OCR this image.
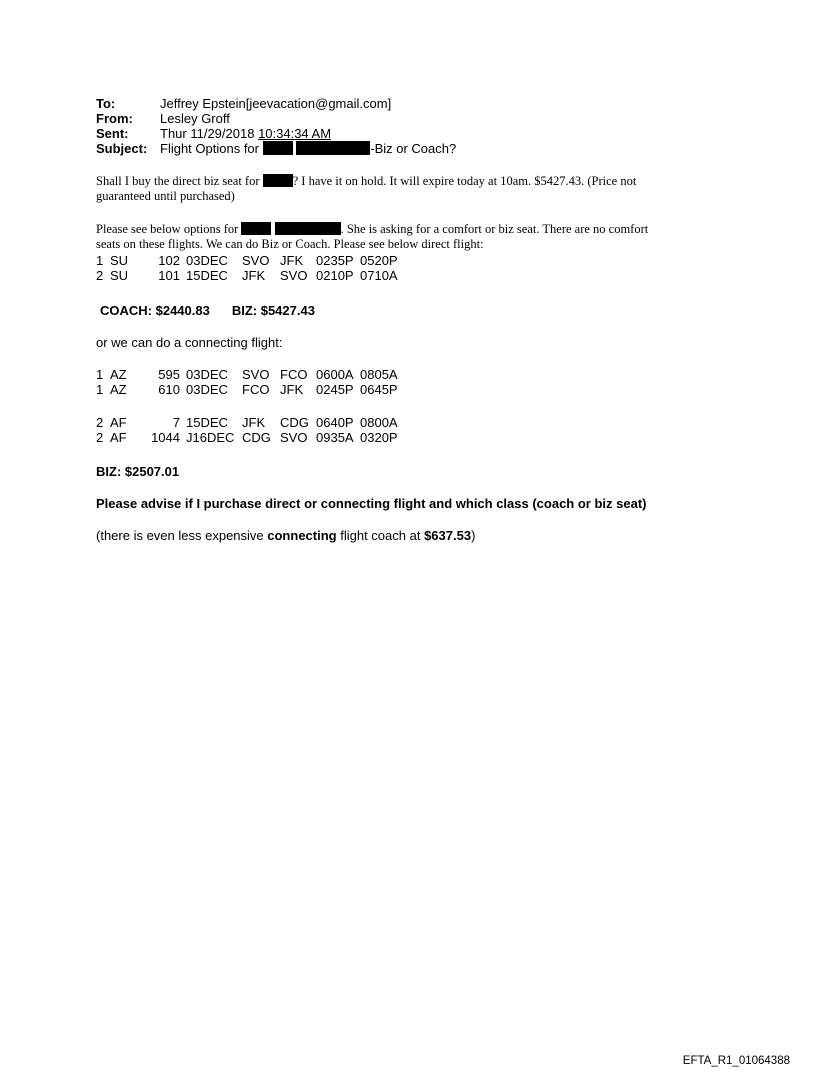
To:	Jeffrey Epstein[jeevacation@gmail.com]
From:	Lesley Groff
Sent:	Thur 11/29/2018 10:34:34 AM
Subject:	Flight Options for -Biz or Coach?
Shall I buy the direct biz seat for	? I have it on hold. It will expire today at 10am. $5427.43. (Price not
guaranteed until purchased)
Please see below options for	. She is asking for a comfort or biz seat. There are no comfort
seats on these flights. We can do Biz or Coach. Please see below direct flight:
1 SU 102 03DEC SVO JFK 0235P 0520P
2 SU 101 15DEC JFK SVO 0210P 0710A
COACH: $2440.83 BIZ: $5427.43
or we can do a connecting flight:
1 AZ 595 03DEC SVO FCO 0600A 0805A
1 AZ 610 03DEC FCO JFK 0245P 0645P
2 AF	7 15DEC JFK CDG 0640P 0800A
2 AF 1044 J16DEC CDG SVO 0935A 0320P
BIZ: $2507.01
Please advise if I purchase direct or connecting flight and which class (coach or biz seat)
(there is even less expensive connecting flight coach at $637.53)
EFTA_R1_01064388
